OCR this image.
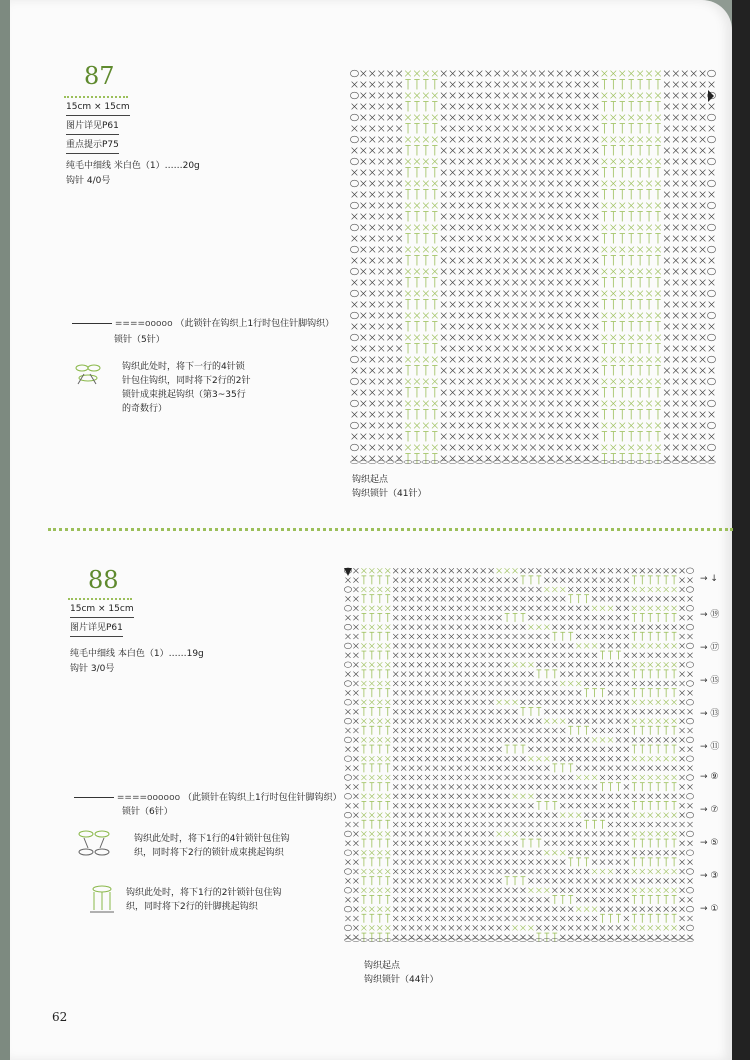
87
15cm × 15cm
图片详见P61
重点提示P75
纯毛中细线 米白色（1）……20g
钩针 4/0号
====ooooo （此锁针在钩织上1行时包住针脚钩织）
锁针（5针）
钩织此处时，将下一行的4针锁
针包住钩织，同时将下2行的2针
锁针成束挑起钩织（第3~35行
的奇数行）
钩织起点
钩织锁针（41针）
88
15cm × 15cm
图片详见P61
纯毛中细线 本白色（1）……19g
钩针 3/0号
====oooooo （此锁针在钩织上1行时包住针脚钩织）
锁针（6针）
钩织此处时，将下1行的4针锁针包住钩
织，同时将下2行的锁针成束挑起钩织
钩织此处时，将下1行的2针锁针包住钩
织，同时将下2行的针脚挑起钩织
→ ↓
→ ⑲
→ ⑰
→ ⑮
→ ⑬
→ ⑪
→ ⑨
→ ⑦
→ ⑤
→ ③
→ ①
钩织起点
钩织锁针（44针）
62
